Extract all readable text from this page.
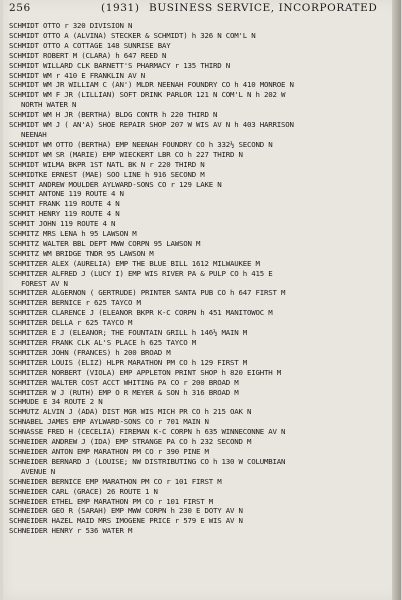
256	(1931) BUSINESS SERVICE, INCORPORATED
SCHMIDT OTTO r 320 DIVISION N
SCHMIDT OTTO A (ALVINA) STECKER & SCHMIDT) h 326 N COM'L N
SCHMIDT OTTO A COTTAGE 148 SUNRISE BAY
SCHMIDT ROBERT M (CLARA) h 647 REED N
SCHMIDT WILLARD CLK BARNETT'S PHARMACY r 135 THIRD N
SCHMIDT WM r 410 E FRANKLIN AV N
SCHMIDT WM JR WILLIAM C (AN') MLDR NEENAH FOUNDRY CO h 410 MONROE N
SCHMIDT WM F JR (LILLIAN) SOFT DRINK PARLOR 121 N COM'L N h 202 W
NORTH WATER N
SCHMIDT WM H JR (BERTHA) BLDG CONTR h 220 THIRD N
SCHMIDT WM J ( AN'A) SHOE REPAIR SHOP 207 W WIS AV N h 403 HARRISON
NEENAH
SCHMIDT WM OTTO (BERTHA) EMP NEENAH FOUNDRY CO h 332½ SECOND N
SCHMIDT WM SR (MARIE) EMP WIECKERT LBR CO h 227 THIRD N
SCHMIDT WILMA BKPR 1ST NATL BK N r 220 THIRD N
SCHMIDTKE ERNEST (MAE) SOO LINE h 916 SECOND M
SCHMIT ANDREW MOULDER AYLWARD-SONS CO r 129 LAKE N
SCHMIT ANTONE 119 ROUTE 4 N
SCHMIT FRANK 119 ROUTE 4 N
SCHMIT HENRY 119 ROUTE 4 N
SCHMIT JOHN 119 ROUTE 4 N
SCHMITZ MRS LENA h 95 LAWSON M
SCHMITZ WALTER BBL DEPT MWW CORPN 95 LAWSON M
SCHMITZ WM BRIDGE TNDR 95 LAWSON M
SCHMITZER ALEX (AURELIA) EMP THE BLUE BILL 1612 MILWAUKEE M
SCHMITZER ALFRED J (LUCY I) EMP WIS RIVER PA & PULP CO h 415 E
FOREST AV N
SCHMITZER ALGERNON ( GERTRUDE) PRINTER SANTA PUB CO h 647 FIRST M
SCHMITZER BERNICE r 625 TAYCO M
SCHMITZER CLARENCE J (ELEANOR BKPR K-C CORPN h 451 MANITOWOC M
SCHMITZER DELLA r 625 TAYCO M
SCHMITZER E J (ELEANOR; THE FOUNTAIN GRILL h 146½ MAIN M
SCHMITZER FRANK CLK AL'S PLACE h 625 TAYCO M
SCHMITZER JOHN (FRANCES) h 200 BROAD M
SCHMITZER LOUIS (ELIZ) HLPR MARATHON PM CO h 129 FIRST M
SCHMITZER NORBERT (VIOLA) EMP APPLETON PRINT SHOP h 820 EIGHTH M
SCHMITZER WALTER COST ACCT WHITING PA CO r 200 BROAD M
SCHMITZER W J (RUTH) EMP O R MEYER & SON h 316 BROAD M
SCHMUDE E 34 ROUTE 2 N
SCHMUTZ ALVIN J (ADA) DIST MGR WIS MICH PR CO h 215 OAK N
SCHNABEL JAMES EMP AYLWARD-SONS CO r 701 MAIN N
SCHNASSE FRED H (CECELIA) FIREMAN K-C CORPN h 635 WINNECONNE AV N
SCHNEIDER ANDREW J (IDA) EMP STRANGE PA CO h 232 SECOND M
SCHNEIDER ANTON EMP MARATHON PM CO r 390 PINE M
SCHNEIDER BERNARD J (LOUISE; NW DISTRIBUTING CO h 130 W COLUMBIAN
AVENUE N
SCHNEIDER BERNICE EMP MARATHON PM CO r 101 FIRST M
SCHNEIDER CARL (GRACE) 26 ROUTE 1 N
SCHNEIDER ETHEL EMP MARATHON PM CO r 101 FIRST M
SCHNEIDER GEO R (SARAH) EMP MWW CORPN h 230 E DOTY AV N
SCHNEIDER HAZEL MAID MRS IMOGENE PRICE r 579 E WIS AV N
SCHNEIDER HENRY r 536 WATER M
